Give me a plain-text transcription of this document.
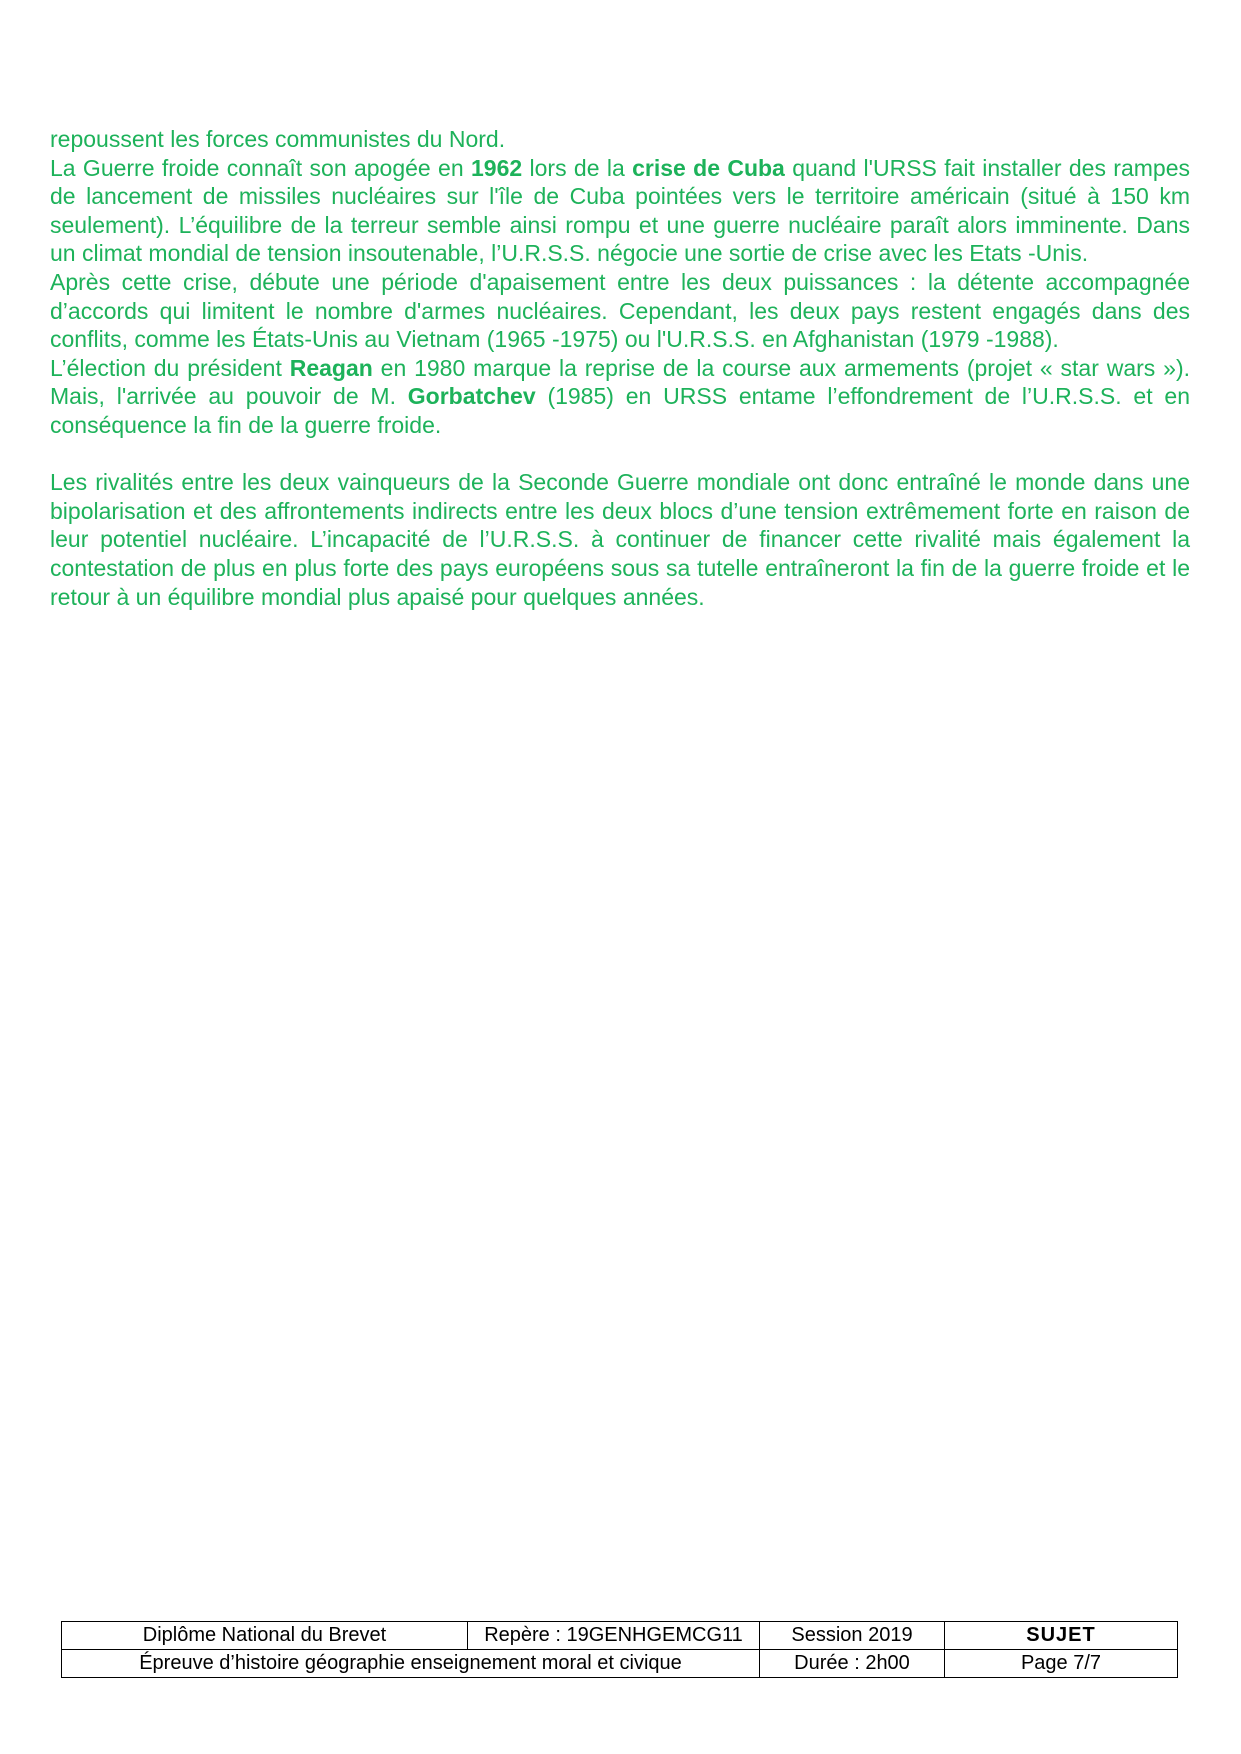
repoussent les forces communistes du Nord.

La Guerre froide connaît son apogée en 1962 lors de la crise de Cuba quand l'URSS fait installer des rampes de lancement de missiles nucléaires sur l'île de Cuba pointées vers le territoire américain (situé à 150 km seulement). L’équilibre de la terreur semble ainsi rompu et une guerre nucléaire paraît alors imminente. Dans un climat mondial de tension insoutenable, l’U.R.S.S. négocie une sortie de crise avec les Etats -Unis.

Après cette crise, débute une période d'apaisement entre les deux puissances : la détente accompagnée d’accords qui limitent le nombre d'armes nucléaires. Cependant, les deux pays restent engagés dans des conflits, comme les États-Unis au Vietnam (1965 -1975) ou l'U.R.S.S. en Afghanistan (1979 -1988).

L’élection du président Reagan en 1980 marque la reprise de la course aux armements (projet « star wars »). Mais, l'arrivée au pouvoir de M. Gorbatchev (1985) en URSS entame l’effondrement de l’U.R.S.S. et en conséquence la fin de la guerre froide.

Les rivalités entre les deux vainqueurs de la Seconde Guerre mondiale ont donc entraîné le monde dans une bipolarisation et des affrontements indirects entre les deux blocs d’une tension extrêmement forte en raison de leur potentiel nucléaire. L’incapacité de l’U.R.S.S. à continuer de financer cette rivalité mais également la contestation de plus en plus forte des pays européens sous sa tutelle entraîneront la fin de la guerre froide et le retour à un équilibre mondial plus apaisé pour quelques années.

Diplôme National du Brevet	Repère : 19GENHGEMCG11	Session 2019	SUJET
Épreuve d’histoire géographie enseignement moral et civique		Durée : 2h00	Page 7/7
